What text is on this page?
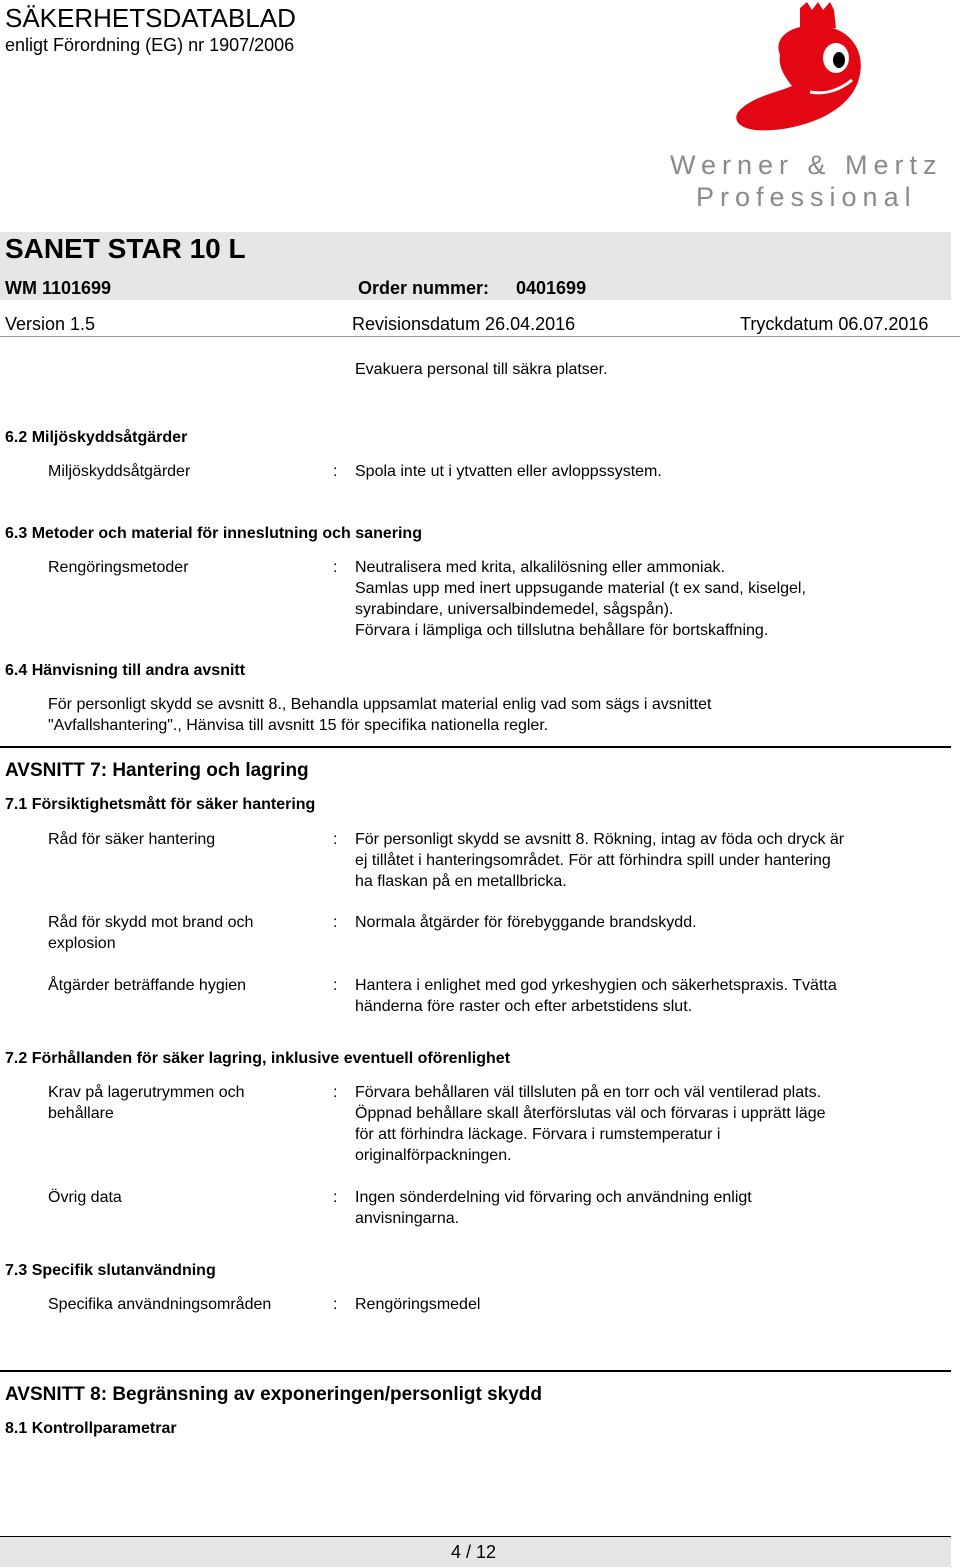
SÄKERHETSDATABLAD
enligt Förordning (EG) nr 1907/2006
Werner & Mertz
Professional
SANET STAR 10 L
WM 1101699	Order nummer: 0401699
Version 1.5	Revisionsdatum 26.04.2016	Tryckdatum 06.07.2016
Evakuera personal till säkra platser.
6.2 Miljöskyddsåtgärder
Miljöskyddsåtgärder	: Spola inte ut i ytvatten eller avloppssystem.
6.3 Metoder och material för inneslutning och sanering
Rengöringsmetoder	: Neutralisera med krita, alkalilösning eller ammoniak.
Samlas upp med inert uppsugande material (t ex sand, kiselgel,
syrabindare, universalbindemedel, sågspån).
Förvara i lämpliga och tillslutna behållare för bortskaffning.
6.4 Hänvisning till andra avsnitt
För personligt skydd se avsnitt 8., Behandla uppsamlat material enlig vad som sägs i avsnittet
"Avfallshantering"., Hänvisa till avsnitt 15 för specifika nationella regler.
AVSNITT 7: Hantering och lagring
7.1 Försiktighetsmått för säker hantering
Råd för säker hantering	: För personligt skydd se avsnitt 8. Rökning, intag av föda och dryck är
ej tillåtet i hanteringsområdet. För att förhindra spill under hantering
ha flaskan på en metallbricka.
Råd för skydd mot brand och
explosion
: Normala åtgärder för förebyggande brandskydd.
Åtgärder beträffande hygien	: Hantera i enlighet med god yrkeshygien och säkerhetspraxis. Tvätta
händerna före raster och efter arbetstidens slut.
7.2 Förhållanden för säker lagring, inklusive eventuell oförenlighet
Krav på lagerutrymmen och
behållare
: Förvara behållaren väl tillsluten på en torr och väl ventilerad plats.
Öppnad behållare skall återförslutas väl och förvaras i upprätt läge
för att förhindra läckage. Förvara i rumstemperatur i
originalförpackningen.
Övrig data	: Ingen sönderdelning vid förvaring och användning enligt
anvisningarna.
7.3 Specifik slutanvändning
Specifika användningsområden	: Rengöringsmedel
AVSNITT 8: Begränsning av exponeringen/personligt skydd
8.1 Kontrollparametrar
4 / 12
